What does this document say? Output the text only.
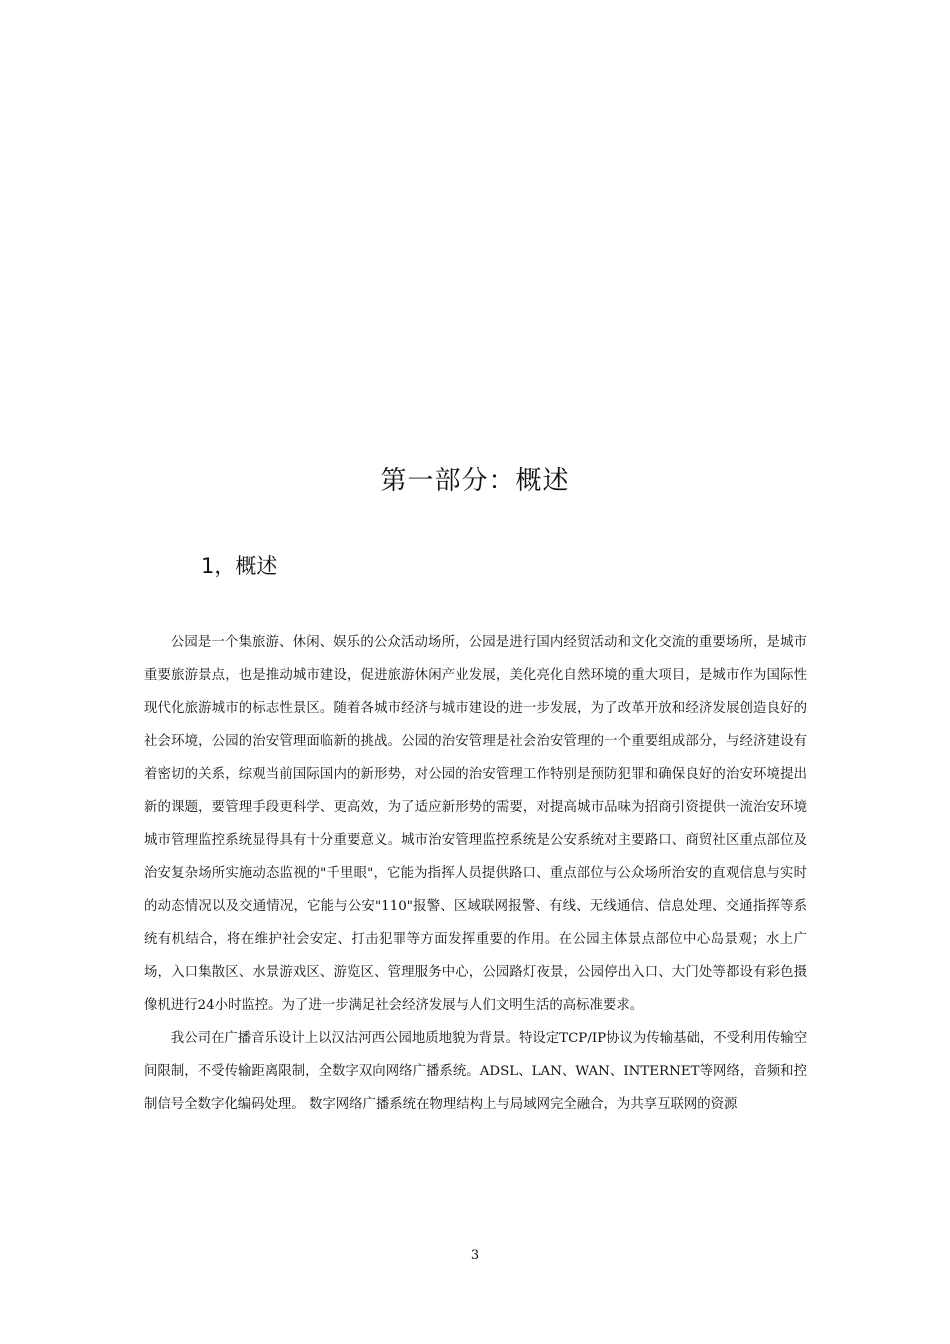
第一部分：概述
1，概述

公园是一个集旅游、休闲、娱乐的公众活动场所，公园是进行国内经贸活动和文化交流的重要场所，是城市重要旅游景点，也是推动城市建设，促进旅游休闲产业发展，美化亮化自然环境的重大项目，是城市作为国际性现代化旅游城市的标志性景区。随着各城市经济与城市建设的进一步发展，为了改革开放和经济发展创造良好的社会环境，公园的治安管理面临新的挑战。公园的治安管理是社会治安管理的一个重要组成部分，与经济建设有着密切的关系，综观当前国际国内的新形势，对公园的治安管理工作特别是预防犯罪和确保良好的治安环境提出新的课题，要管理手段更科学、更高效，为了适应新形势的需要，对提高城市品味为招商引资提供一流治安环境城市管理监控系统显得具有十分重要意义。城市治安管理监控系统是公安系统对主要路口、商贸社区重点部位及治安复杂场所实施动态监视的"千里眼"，它能为指挥人员提供路口、重点部位与公众场所治安的直观信息与实时的动态情况以及交通情况，它能与公安"110"报警、区域联网报警、有线、无线通信、信息处理、交通指挥等系统有机结合，将在维护社会安定、打击犯罪等方面发挥重要的作用。在公园主体景点部位中心岛景观；水上广场，入口集散区、水景游戏区、游览区、管理服务中心，公园路灯夜景，公园停出入口、大门处等都设有彩色摄像机进行24小时监控。为了进一步满足社会经济发展与人们文明生活的高标准要求。

我公司在广播音乐设计上以汉沽河西公园地质地貌为背景。特设定TCP/IP协议为传输基础，不受利用传输空间限制，不受传输距离限制，全数字双向网络广播系统。ADSL、LAN、WAN、INTERNET等网络，音频和控制信号全数字化编码处理。 数字网络广播系统在物理结构上与局域网完全融合，为共享互联网的资源

3
